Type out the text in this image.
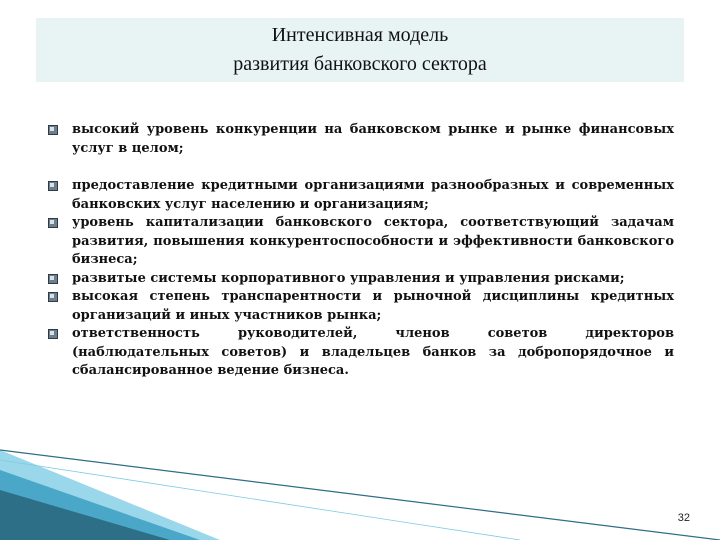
Интенсивная модель
развития банковского сектора
высокий уровень конкуренции на банковском рынке и рынке финансовых услуг в целом;
предоставление кредитными организациями разнообразных и современных банковских услуг населению и организациям;
уровень капитализации банковского сектора, соответствующий задачам развития, повышения конкурентоспособности и эффективности банковского бизнеса;
развитые системы корпоративного управления и управления рисками;
высокая степень транспарентности и рыночной дисциплины кредитных организаций и иных участников рынка;
ответственность руководителей, членов советов директоров (наблюдательных советов) и владельцев банков за добропорядочное и сбалансированное ведение бизнеса.
32
